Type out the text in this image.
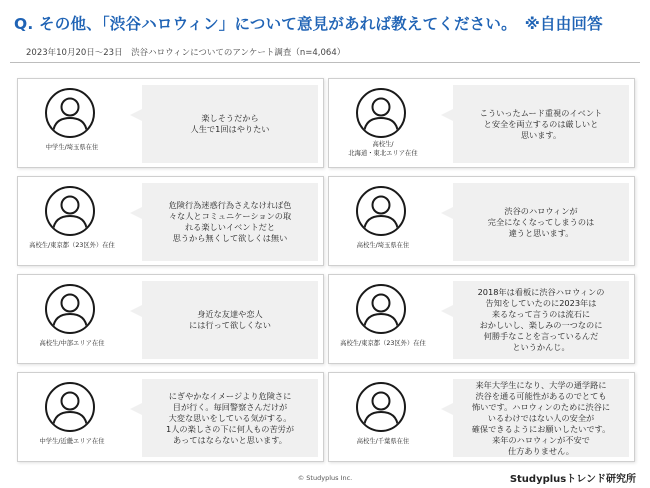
Q. その他、「渋谷ハロウィン」について意見があれば教えてください。　※自由回答
2023年10月20日〜23日　渋谷ハロウィンについてのアンケート調査（n=4,064）
中学生/埼玉県在住
楽しそうだから
人生で1回はやりたい
高校生/
北海道・東北エリア在住
こういったムード重視のイベント
と安全を両立するのは厳しいと
思います。
高校生/東京都（23区外）在住
危険行為迷惑行為さえなければ色
々な人とコミュニケーションの取
れる楽しいイベントだと
思うから無くして欲しくは無い
高校生/埼玉県在住
渋谷のハロウィンが
完全になくなってしまうのは
違うと思います。
高校生/中部エリア在住
身近な友達や恋人
には行って欲しくない
高校生/東京都（23区外）在住
2018年は看板に渋谷ハロウィンの
告知をしていたのに2023年は
来るなって言うのは流石に
おかしいし、楽しみの一つなのに
何勝手なことを言っているんだ
というかんじ。
中学生/近畿エリア在住
にぎやかなイメージより危険さに
目が行く。毎回警察さんだけが
大変な思いをしている気がする。
1人の楽しさの下に何人もの苦労が
あってはならないと思います。	高校生/千葉県在住
来年大学生になり、大学の通学路に
渋谷を通る可能性があるのでとても
怖いです。ハロウィンのために渋谷に
いるわけではない人の安全が
確保できるようにお願いしたいです。
来年のハロウィンが不安で
仕方ありません。
© Studyplus Inc.	Studyplusトレンド研究所
